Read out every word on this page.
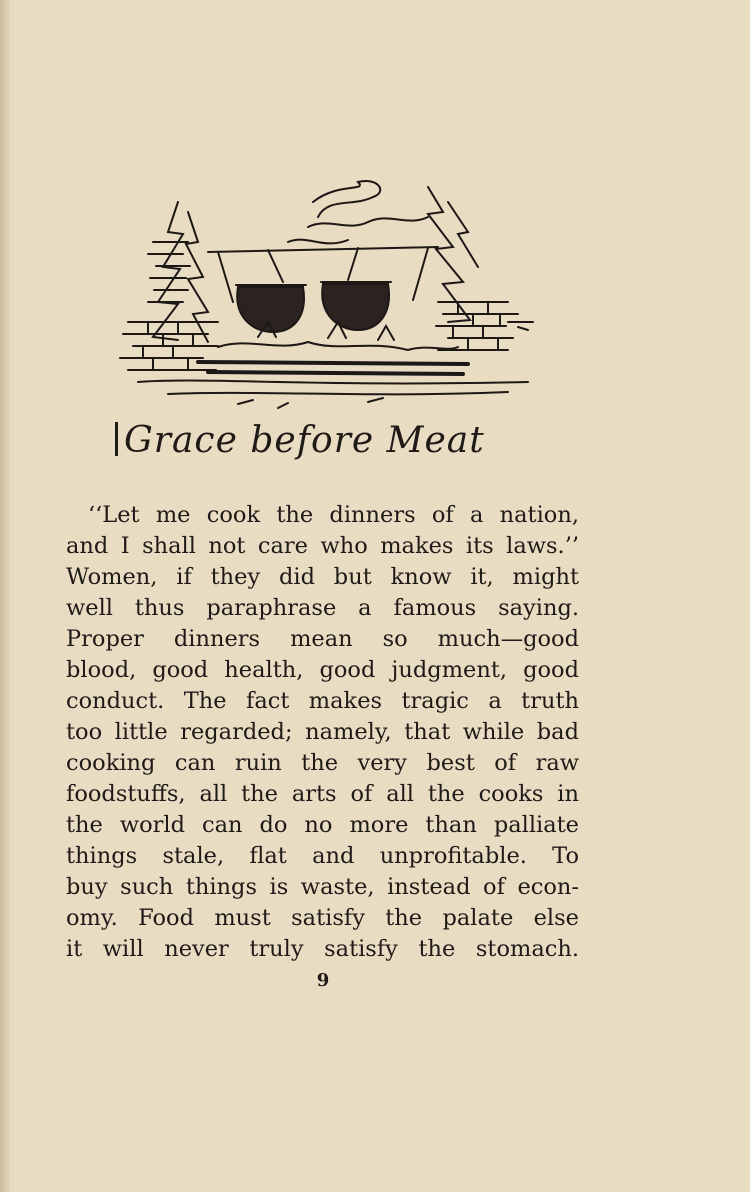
Grace before Meat
‘‘Let me cook the dinners of a nation,
and I shall not care who makes its laws.’’
Women, if they did but know it, might
well thus paraphrase a famous saying.
Proper dinners mean so much—good
blood, good health, good judgment, good
conduct. The fact makes tragic a truth
too little regarded; namely, that while bad
cooking can ruin the very best of raw
foodstuffs, all the arts of all the cooks in
the world can do no more than palliate
things stale, flat and unprofitable. To
buy such things is waste, instead of econ-
omy. Food must satisfy the palate else
it will never truly satisfy the stomach.
9
